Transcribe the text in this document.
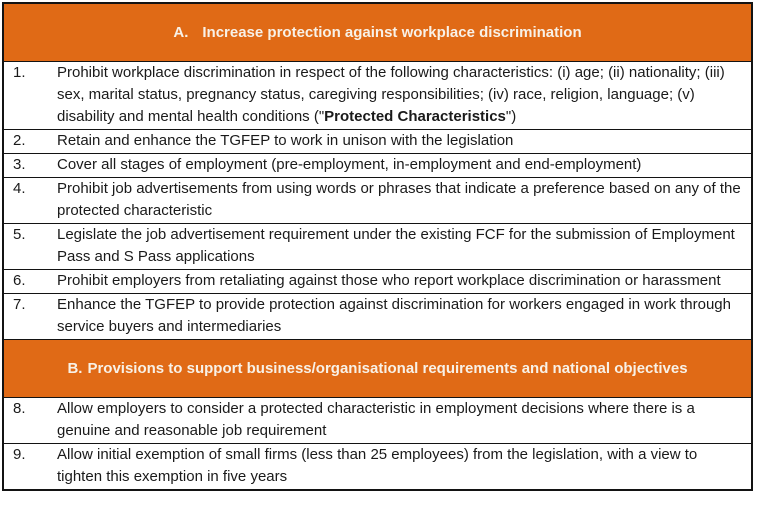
A. Increase protection against workplace discrimination
1.	Prohibit workplace discrimination in respect of the following characteristics: (i) age; (ii) nationality; (iii) sex, marital status, pregnancy status, caregiving responsibilities; (iv) race, religion, language; (v) disability and mental health conditions ("Protected Characteristics")
2.	Retain and enhance the TGFEP to work in unison with the legislation
3.	Cover all stages of employment (pre-employment, in-employment and end-employment)
4.	Prohibit job advertisements from using words or phrases that indicate a preference based on any of the protected characteristic
5.	Legislate the job advertisement requirement under the existing FCF for the submission of Employment Pass and S Pass applications
6.	Prohibit employers from retaliating against those who report workplace discrimination or harassment
7.	Enhance the TGFEP to provide protection against discrimination for workers engaged in work through service buyers and intermediaries
B. Provisions to support business/organisational requirements and national objectives
8.	Allow employers to consider a protected characteristic in employment decisions where there is a genuine and reasonable job requirement
9.	Allow initial exemption of small firms (less than 25 employees) from the legislation, with a view to tighten this exemption in five years
